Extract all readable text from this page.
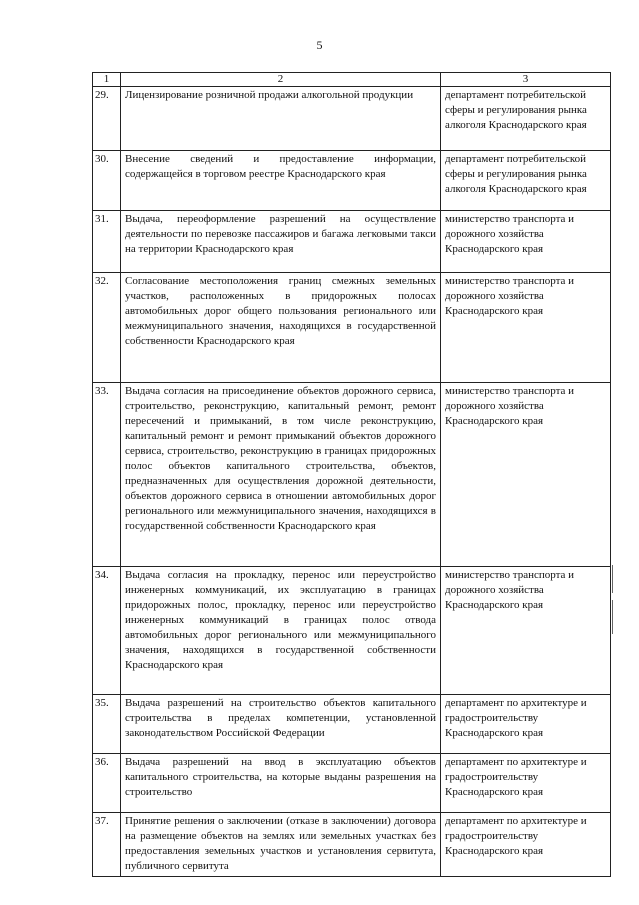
5
1	2	3
29.	Лицензирование розничной продажи алкогольной продукции	департамент потребительской сферы и регулирования рынка алкоголя Краснодарского края
30.	Внесение сведений и предоставление информации, содержащейся в торговом реестре Краснодарского края	департамент потребительской сферы и регулирования рынка алкоголя Краснодарского края
31.	Выдача, переоформление разрешений на осуществление деятельности по перевозке пассажиров и багажа легковыми такси на территории Краснодарского края	министерство транспорта и дорожного хозяйства Краснодарского края
32.	Согласование местоположения границ смежных земельных участков, расположенных в придорожных полосах автомобильных дорог общего пользования регионального или межмуниципального значения, находящихся в государственной собственности Краснодарского края	министерство транспорта и дорожного хозяйства Краснодарского края
33.	Выдача согласия на присоединение объектов дорожного сервиса, строительство, реконструкцию, капитальный ремонт, ремонт пересечений и примыканий, в том числе реконструкцию, капитальный ремонт и ремонт примыканий объектов дорожного сервиса, строительство, реконструкцию в границах придорожных полос объектов капитального строительства, объектов, предназначенных для осуществления дорожной деятельности, объектов дорожного сервиса в отношении автомобильных дорог регионального или межмуниципального значения, находящихся в государственной собственности Краснодарского края	министерство транспорта и дорожного хозяйства Краснодарского края
34.	Выдача согласия на прокладку, перенос или переустройство инженерных коммуникаций, их эксплуатацию в границах придорожных полос, прокладку, перенос или переустройство инженерных коммуникаций в границах полос отвода автомобильных дорог регионального или межмуниципального значения, находящихся в государственной собственности Краснодарского края	министерство транспорта и дорожного хозяйства Краснодарского края
35.	Выдача разрешений на строительство объектов капитального строительства в пределах компетенции, установленной законодательством Российской Федерации	департамент по архитектуре и градостроительству Краснодарского края
36.	Выдача разрешений на ввод в эксплуатацию объектов капитального строительства, на которые выданы разрешения на строительство	департамент по архитектуре и градостроительству Краснодарского края
37.	Принятие решения о заключении (отказе в заключении) договора на размещение объектов на землях или земельных участках без предоставления земельных участков и установления сервитута, публичного сервитута	департамент по архитектуре и градостроительству Краснодарского края
